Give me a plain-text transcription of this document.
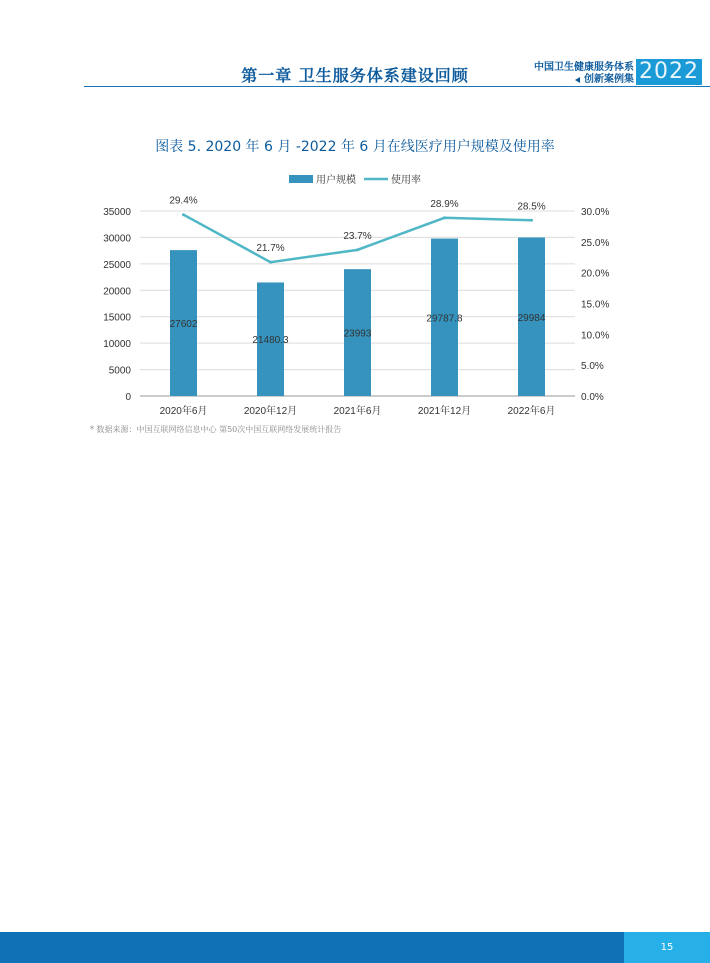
第一章 卫生服务体系建设回顾	中国卫生健康服务体系
创新案例集 2022
图表 5. 2020 年 6 月 -2022 年 6 月在线医疗用户规模及使用率
0
5000
10000
15000
20000
25000
30000
35000
0.0%
5.0%
10.0%
15.0%
20.0%
25.0%
30.0%
27602
21480.3
23993
29787.8	29984
2020年6月	2020年12月	2021年6月	2021年12月	2022年6月
29.4%
21.7%
23.7%
28.9%	28.5%
用户规模	使用率
* 数据来源：中国互联网络信息中心 第50次中国互联网络发展统计报告
15
